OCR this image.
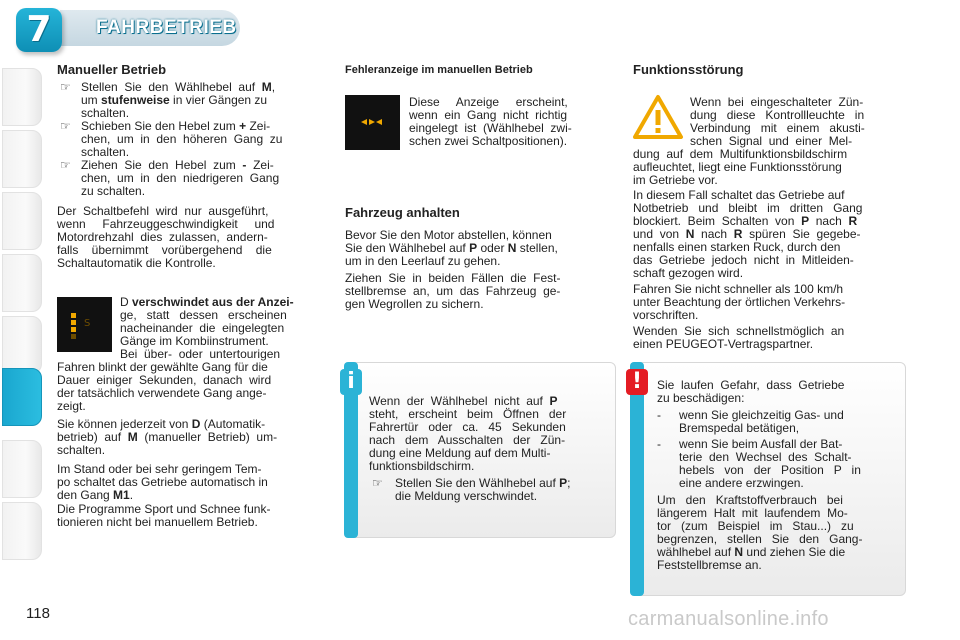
7	FAHRBETRIEB
Manueller Betrieb
☞
☞
☞
Stellen  Sie  den  Wählhebel  auf  M,
um stufenweise in vier Gängen zu
schalten.
Schieben Sie den Hebel zum + Zei-
chen,  um  in  den  höheren  Gang  zu
schalten.
Ziehen  Sie  den  Hebel  zum  -  Zei-
chen,  um  in  den  niedrigeren  Gang
zu schalten.
Der  Schaltbefehl  wird  nur  ausgeführt,
wenn     Fahrzeuggeschwindigkeit     und
Motordrehzahl  dies  zulassen,  andern-
falls    übernimmt    vorübergehend    die
Schaltautomatik die Kontrolle.
S
D verschwindet aus der Anzei-
ge,   statt   dessen   erscheinen
nacheinander  die  eingelegten
Gänge im Kombiinstrument.
Bei  über-  oder  untertourigen
Fahren blinkt der gewählte Gang für die
Dauer  einiger  Sekunden,  danach  wird
der tatsächlich verwendete Gang ange-
zeigt.
Sie können jederzeit von D (Automatik-
betrieb)  auf  M  (manueller  Betrieb)  um-
schalten.
Im Stand oder bei sehr geringem Tem-
po schaltet das Getriebe automatisch in
den Gang M1.
Die Programme Sport und Schnee funk-
tionieren nicht bei manuellem Betrieb.
Fehleranzeige im manuellen Betrieb
Diese     Anzeige     erscheint,
wenn  ein  Gang  nicht  richtig
eingelegt  ist  (Wählhebel  zwi-
schen zwei Schaltpositionen).
Fahrzeug anhalten
Bevor Sie den Motor abstellen, können
Sie den Wählhebel auf P oder N stellen,
um in den Leerlauf zu gehen.
Ziehen  Sie  in  beiden  Fällen  die  Fest-
stellbremse  an,  um  das  Fahrzeug  ge-
gen Wegrollen zu sichern.
i
Wenn  der  Wählhebel  nicht  auf  P
steht,   erscheint   beim   Öffnen   der
Fahrertür   oder   ca.   45   Sekunden
nach   dem   Ausschalten   der   Zün-
dung eine Meldung auf dem Multi-
funktionsbildschirm.
☞ Stellen Sie den Wählhebel auf P;
die Meldung verschwindet.
Funktionsstörung
Wenn  bei  eingeschalteter  Zün-
dung   diese   Kontrollleuchte   in
Verbindung   mit   einem   akusti-
schen  Signal  und  einer  Mel-
dung  auf  dem  Multifunktionsbildschirm
aufleuchtet, liegt eine Funktionsstörung
im Getriebe vor.
In diesem Fall schaltet das Getriebe auf
Notbetrieb   und   bleibt   im   dritten   Gang
blockiert.  Beim  Schalten  von  P  nach  R
und  von  N  nach  R  spüren  Sie  gegebe-
nenfalls einen starken Ruck, durch den
das  Getriebe  jedoch  nicht  in  Mitleiden-
schaft gezogen wird.
Fahren Sie nicht schneller als 100 km/h
unter Beachtung der örtlichen Verkehrs-
vorschriften.
Wenden  Sie  sich  schnellstmöglich  an
einen PEUGEOT-Vertragspartner.
!	Sie  laufen  Gefahr,  dass  Getriebe
zu beschädigen:
- wenn Sie gleichzeitig Gas- und
Bremspedal betätigen,
- wenn Sie beim Ausfall der Bat-
terie  den  Wechsel  des  Schalt-
hebels   von   der   Position   P   in
eine andere erzwingen.
Um   den   Kraftstoffverbrauch   bei
längerem  Halt  mit  laufendem  Mo-
tor   (zum   Beispiel   im   Stau...)   zu
begrenzen,   stellen   Sie   den   Gang-
wählhebel auf N und ziehen Sie die
Feststellbremse an.
118	carmanualsonline.info
